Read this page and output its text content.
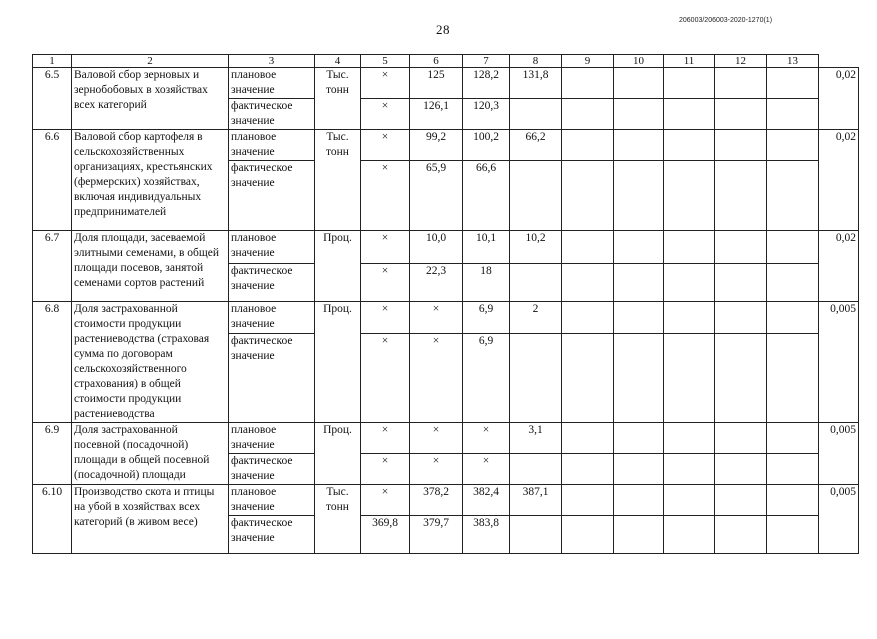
28
206003/206003-2020-1270(1)
1	2	3	4	5	6	7	8	9	10	11	12	13	
6.5	Валовой сбор зерновых и зернобобовых в хозяйствах всех категорий	плановое значение	Тыс. тонн	×	125	128,2	131,8						0,02
		фактическое значение		×	126,1	120,3							
6.6	Валовой сбор картофеля в сельскохозяйственных организациях, крестьянских (фермерских) хозяйствах, включая индивидуальных предпринимателей	плановое значение	Тыс. тонн	×	99,2	100,2	66,2						0,02
		фактическое значение		×	65,9	66,6							
6.7	Доля площади, засеваемой элитными семенами, в общей площади посевов, занятой семенами сортов растений	плановое значение	Проц.	×	10,0	10,1	10,2						0,02
		фактическое значение		×	22,3	18							
6.8	Доля застрахованной стоимости продукции растениеводства (страховая сумма по договорам сельскохозяйственного страхования) в общей стоимости продукции растениеводства	плановое значение	Проц.	×	×	6,9	2						0,005
		фактическое значение		×	×	6,9							
6.9	Доля застрахованной посевной (посадочной) площади в общей посевной (посадочной) площади	плановое значение	Проц.	×	×	×	3,1						0,005
		фактическое значение		×	×	×							
6.10	Производство скота и птицы на убой в хозяйствах всех категорий (в живом весе)	плановое значение	Тыс. тонн	×	378,2	382,4	387,1						0,005
		фактическое значение		369,8	379,7	383,8							
